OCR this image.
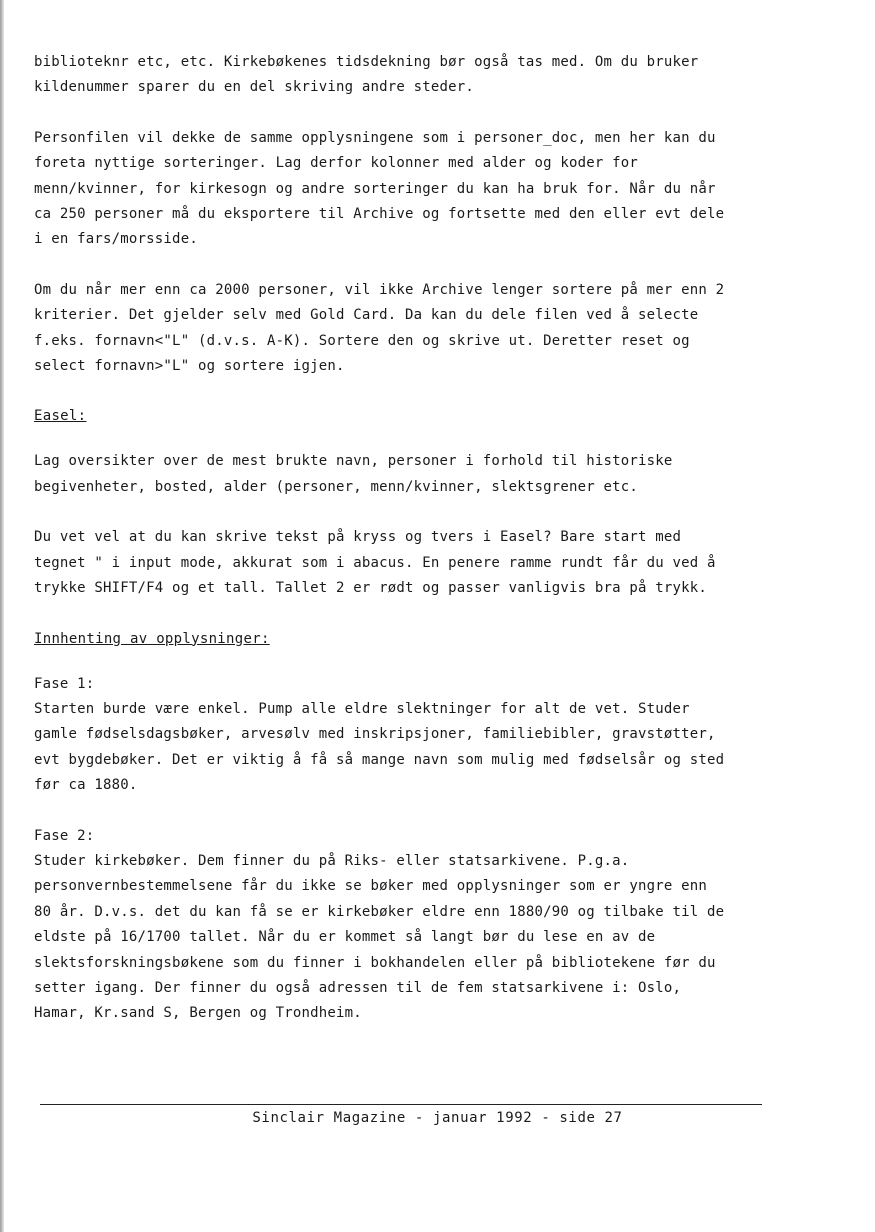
biblioteknr etc, etc. Kirkebøkenes tidsdekning bør også tas med. Om du bruker
kildenummer sparer du en del skriving andre steder.
Personfilen vil dekke de samme opplysningene som i personer_doc, men her kan du
foreta nyttige sorteringer. Lag derfor kolonner med alder og koder for
menn/kvinner, for kirkesogn og andre sorteringer du kan ha bruk for. Når du når
ca 250 personer må du eksportere til Archive og fortsette med den eller evt dele
i en fars/morsside.
Om du når mer enn ca 2000 personer, vil ikke Archive lenger sortere på mer enn 2
kriterier. Det gjelder selv med Gold Card. Da kan du dele filen ved å selecte
f.eks. fornavn<"L" (d.v.s. A-K). Sortere den og skrive ut. Deretter reset og
select fornavn>"L" og sortere igjen.
Easel:
Lag oversikter over de mest brukte navn, personer i forhold til historiske
begivenheter, bosted, alder (personer, menn/kvinner, slektsgrener etc.
Du vet vel at du kan skrive tekst på kryss og tvers i Easel? Bare start med
tegnet " i input mode, akkurat som i abacus. En penere ramme rundt får du ved å
trykke SHIFT/F4 og et tall. Tallet 2 er rødt og passer vanligvis bra på trykk.
Innhenting av opplysninger:
Fase 1:
Starten burde være enkel. Pump alle eldre slektninger for alt de vet. Studer
gamle fødselsdagsbøker, arvesølv med inskripsjoner, familiebibler, gravstøtter,
evt bygdebøker. Det er viktig å få så mange navn som mulig med fødselsår og sted
før ca 1880.
Fase 2:
Studer kirkebøker. Dem finner du på Riks- eller statsarkivene. P.g.a.
personvernbestemmelsene får du ikke se bøker med opplysninger som er yngre enn
80 år. D.v.s. det du kan få se er kirkebøker eldre enn 1880/90 og tilbake til de
eldste på 16/1700 tallet. Når du er kommet så langt bør du lese en av de
slektsforskningsbøkene som du finner i bokhandelen eller på bibliotekene før du
setter igang. Der finner du også adressen til de fem statsarkivene i: Oslo,
Hamar, Kr.sand S, Bergen og Trondheim.
Sinclair Magazine - januar 1992 - side 27
